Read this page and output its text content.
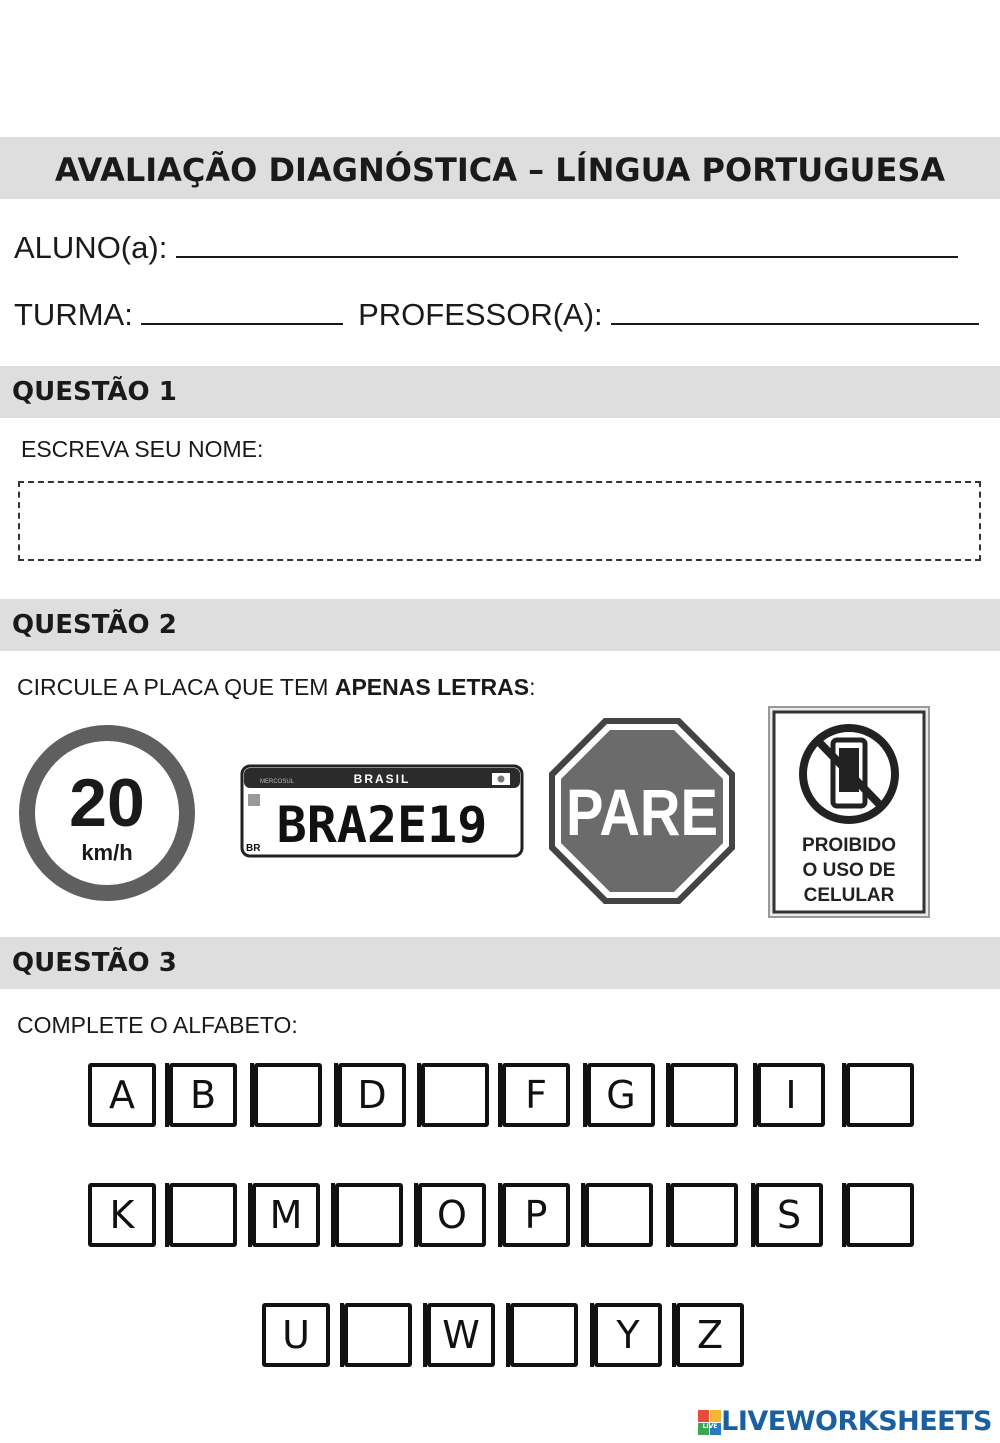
AVALIAÇÃO DIAGNÓSTICA – LÍNGUA PORTUGUESA
ALUNO(a):
TURMA:	PROFESSOR(A):
QUESTÃO 1
ESCREVA SEU NOME:
QUESTÃO 2
CIRCULE A PLACA QUE TEM APENAS LETRAS:
20
km/h
BRASIL
MERCOSUL
BRA2E19
BR	PARE	PROIBIDO
O USO DE
CELULAR
QUESTÃO 3
COMPLETE O ALFABETO:
A	B	D	F	G	I
K	M	O	P	S
U	W	Y	Z
LIVE LIVEWORKSHEETS
